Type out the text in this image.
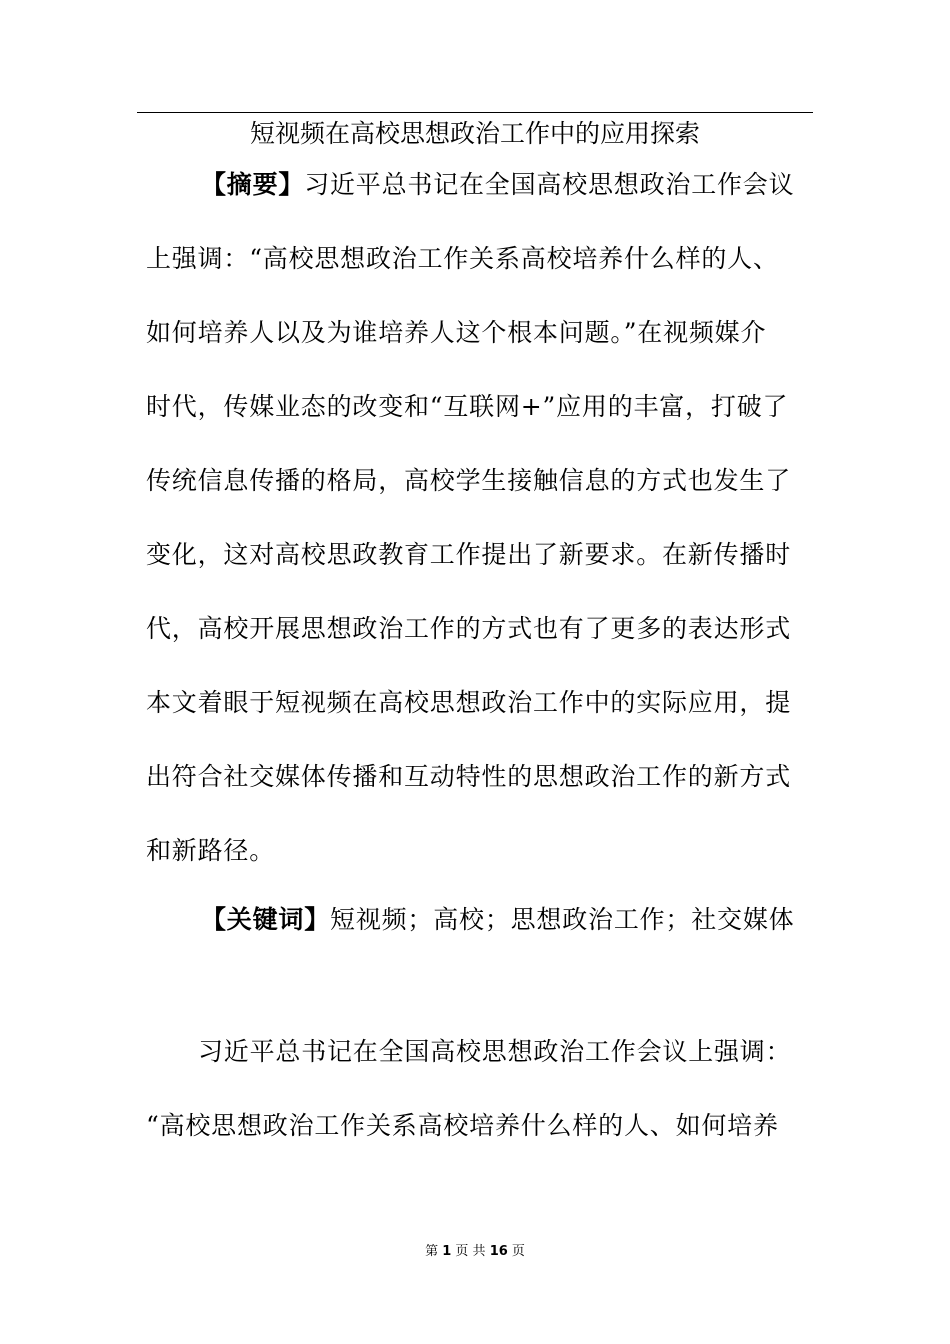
短视频在高校思想政治工作中的应用探索
【摘要】习近平总书记在全国高校思想政治工作会议
上强调：“高校思想政治工作关系高校培养什么样的人、
如何培养人以及为谁培养人这个根本问题。”在视频媒介
时代，传媒业态的改变和“互联网+”应用的丰富，打破了
传统信息传播的格局，高校学生接触信息的方式也发生了
变化，这对高校思政教育工作提出了新要求。在新传播时
代，高校开展思想政治工作的方式也有了更多的表达形式
本文着眼于短视频在高校思想政治工作中的实际应用，提
出符合社交媒体传播和互动特性的思想政治工作的新方式
和新路径。
【关键词】短视频；高校；思想政治工作；社交媒体
习近平总书记在全国高校思想政治工作会议上强调：
“高校思想政治工作关系高校培养什么样的人、如何培养
第 1 页 共 16 页
